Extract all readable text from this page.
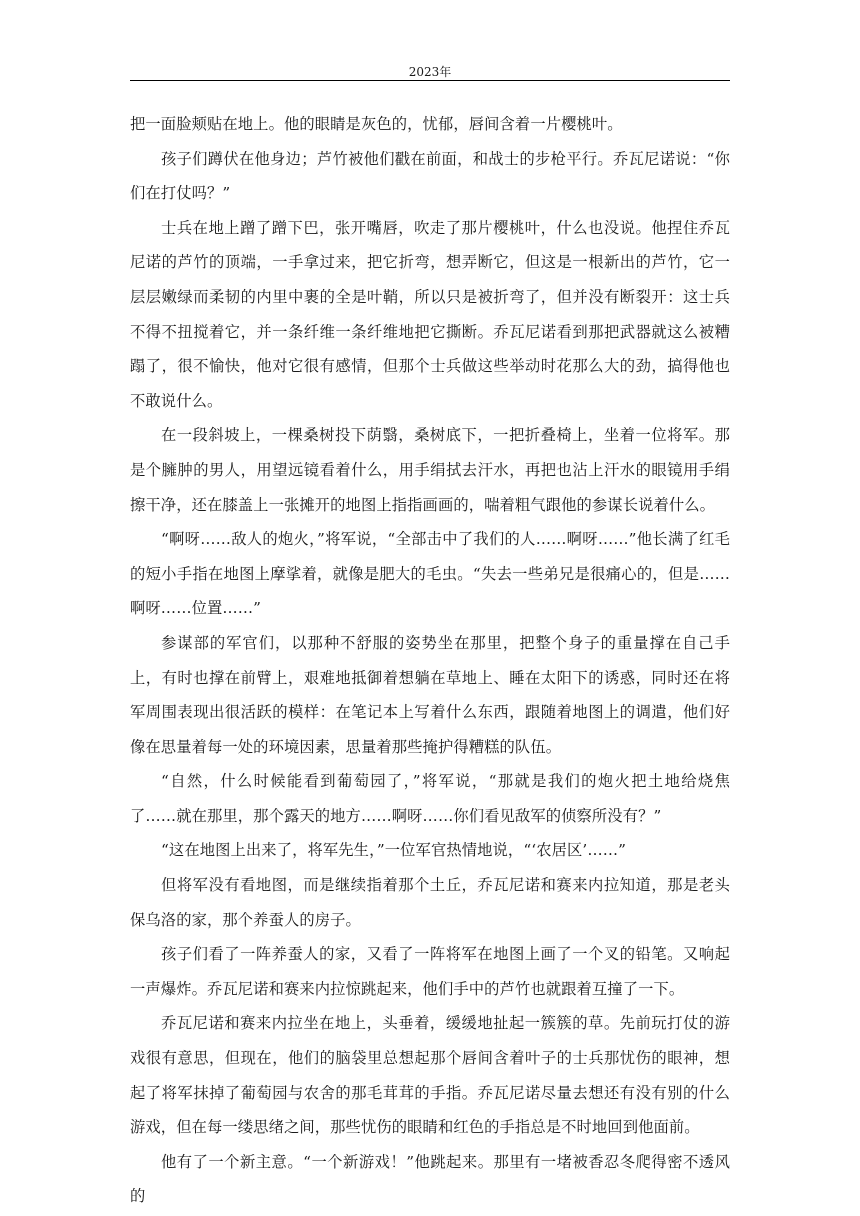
2023年

把一面脸颊贴在地上。他的眼睛是灰色的，忧郁，唇间含着一片樱桃叶。

孩子们蹲伏在他身边；芦竹被他们戳在前面，和战士的步枪平行。乔瓦尼诺说：“你们在打仗吗？”

士兵在地上蹭了蹭下巴，张开嘴唇，吹走了那片樱桃叶，什么也没说。他捏住乔瓦尼诺的芦竹的顶端，一手拿过来，把它折弯，想弄断它，但这是一根新出的芦竹，它一层层嫩绿而柔韧的内里中裹的全是叶鞘，所以只是被折弯了，但并没有断裂开：这士兵不得不扭搅着它，并一条纤维一条纤维地把它撕断。乔瓦尼诺看到那把武器就这么被糟蹋了，很不愉快，他对它很有感情，但那个士兵做这些举动时花那么大的劲，搞得他也不敢说什么。

在一段斜坡上，一棵桑树投下荫翳，桑树底下，一把折叠椅上，坐着一位将军。那是个臃肿的男人，用望远镜看着什么，用手绢拭去汗水，再把也沾上汗水的眼镜用手绢擦干净，还在膝盖上一张摊开的地图上指指画画的，喘着粗气跟他的参谋长说着什么。

“啊呀……敌人的炮火，”将军说，“全部击中了我们的人……啊呀……”他长满了红毛的短小手指在地图上摩挲着，就像是肥大的毛虫。“失去一些弟兄是很痛心的，但是……啊呀……位置……”

参谋部的军官们，以那种不舒服的姿势坐在那里，把整个身子的重量撑在自己手上，有时也撑在前臂上，艰难地抵御着想躺在草地上、睡在太阳下的诱惑，同时还在将军周围表现出很活跃的模样：在笔记本上写着什么东西，跟随着地图上的调遣，他们好像在思量着每一处的环境因素，思量着那些掩护得糟糕的队伍。

“自然，什么时候能看到葡萄园了，”将军说，“那就是我们的炮火把土地给烧焦了……就在那里，那个露天的地方……啊呀……你们看见敌军的侦察所没有？”

“这在地图上出来了，将军先生，”一位军官热情地说，“‘农居区’……”

但将军没有看地图，而是继续指着那个土丘，乔瓦尼诺和赛来内拉知道，那是老头保乌洛的家，那个养蚕人的房子。

孩子们看了一阵养蚕人的家，又看了一阵将军在地图上画了一个叉的铅笔。又响起一声爆炸。乔瓦尼诺和赛来内拉惊跳起来，他们手中的芦竹也就跟着互撞了一下。

乔瓦尼诺和赛来内拉坐在地上，头垂着，缓缓地扯起一簇簇的草。先前玩打仗的游戏很有意思，但现在，他们的脑袋里总想起那个唇间含着叶子的士兵那忧伤的眼神，想起了将军抹掉了葡萄园与农舍的那毛茸茸的手指。乔瓦尼诺尽量去想还有没有别的什么游戏，但在每一缕思绪之间，那些忧伤的眼睛和红色的手指总是不时地回到他面前。

他有了一个新主意。“一个新游戏！”他跳起来。那里有一堵被香忍冬爬得密不透风的
